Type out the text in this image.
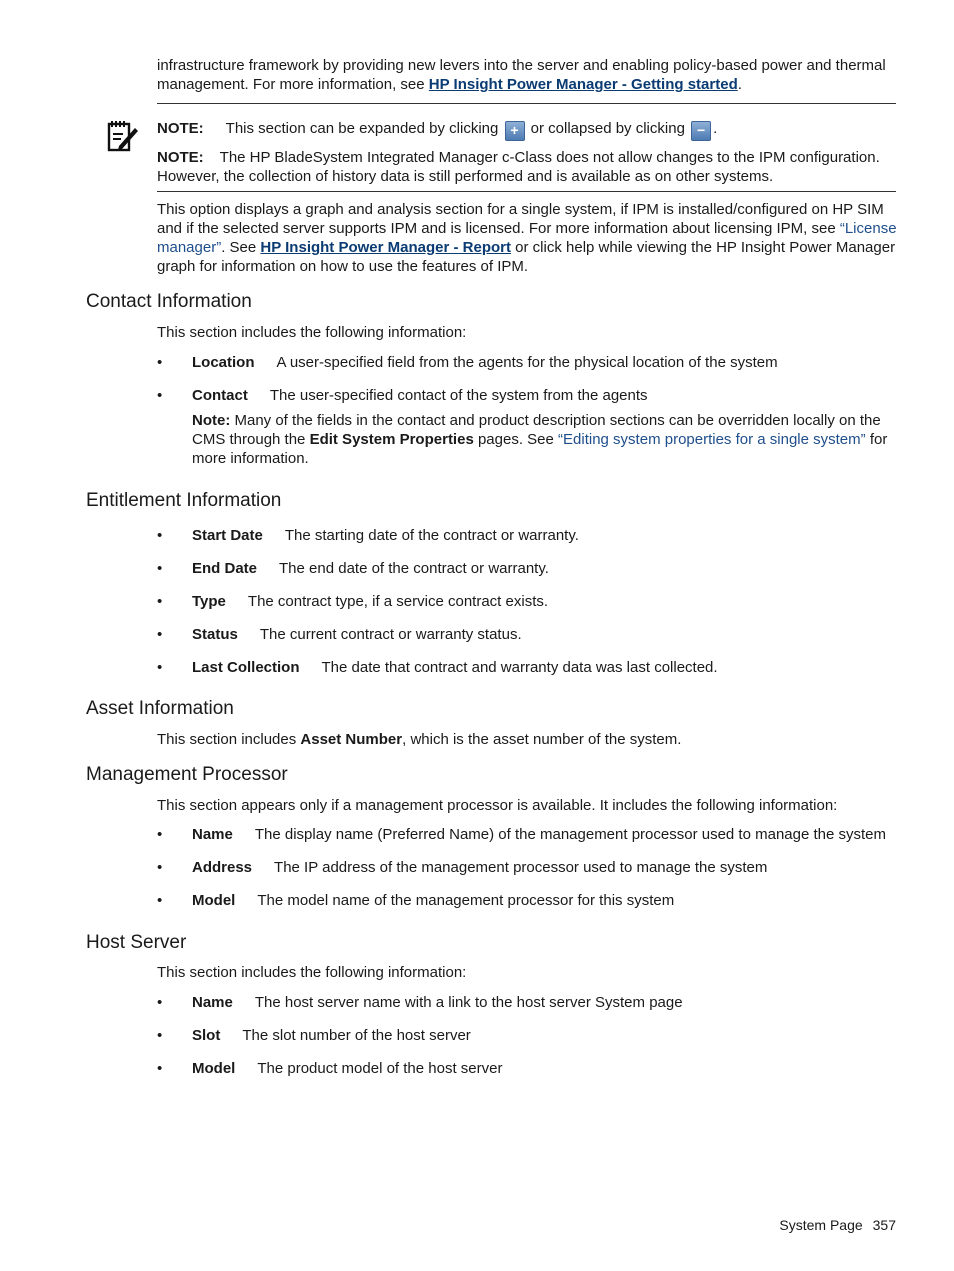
infrastructure framework by providing new levers into the server and enabling policy-based power and thermal management. For more information, see HP Insight Power Manager - Getting started.

NOTE: This section can be expanded by clicking + or collapsed by clicking − .
NOTE: The HP BladeSystem Integrated Manager c-Class does not allow changes to the IPM configuration. However, the collection of history data is still performed and is available as on other systems.

This option displays a graph and analysis section for a single system, if IPM is installed/configured on HP SIM and if the selected server supports IPM and is licensed. For more information about licensing IPM, see “License manager”. See HP Insight Power Manager - Report or click help while viewing the HP Insight Power Manager graph for information on how to use the features of IPM.

Contact Information

This section includes the following information:

• Location A user-specified field from the agents for the physical location of the system
• Contact The user-specified contact of the system from the agents

Note: Many of the fields in the contact and product description sections can be overridden locally on the CMS through the Edit System Properties pages. See “Editing system properties for a single system” for more information.

Entitlement Information
• Start Date The starting date of the contract or warranty.
• End Date The end date of the contract or warranty.
• Type The contract type, if a service contract exists.
• Status The current contract or warranty status.
• Last Collection The date that contract and warranty data was last collected.
Asset Information

This section includes Asset Number, which is the asset number of the system.

Management Processor

This section appears only if a management processor is available. It includes the following information:

• Name The display name (Preferred Name) of the management processor used to manage the system
• Address The IP address of the management processor used to manage the system
• Model The model name of the management processor for this system
Host Server

This section includes the following information:

• Name The host server name with a link to the host server System page
• Slot The slot number of the host server
• Model The product model of the host server
System Page 357
